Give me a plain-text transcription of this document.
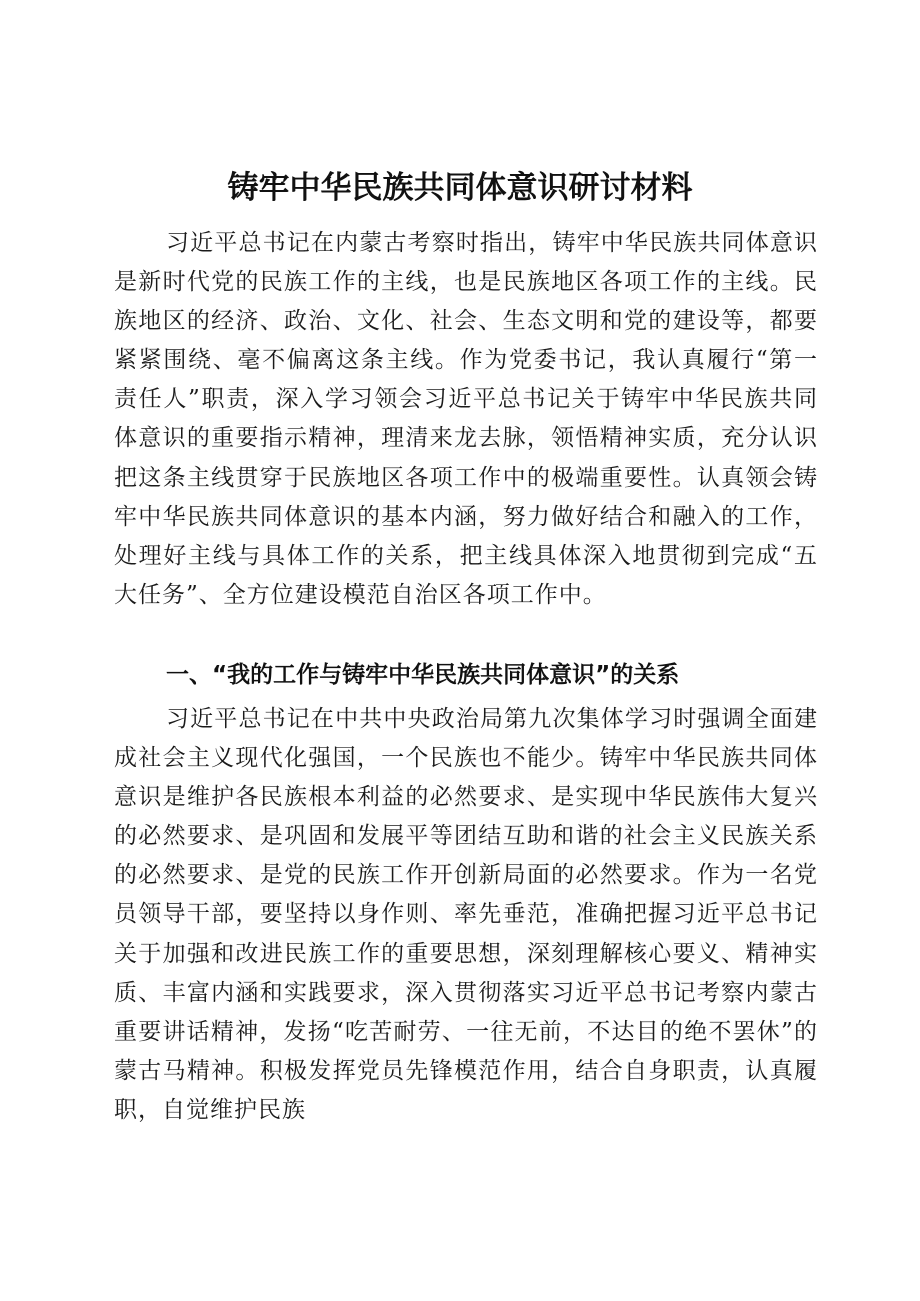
铸牢中华民族共同体意识研讨材料

习近平总书记在内蒙古考察时指出，铸牢中华民族共同体意识是新时代党的民族工作的主线，也是民族地区各项工作的主线。民族地区的经济、政治、文化、社会、生态文明和党的建设等，都要紧紧围绕、毫不偏离这条主线。作为党委书记，我认真履行“第一责任人”职责，深入学习领会习近平总书记关于铸牢中华民族共同体意识的重要指示精神，理清来龙去脉，领悟精神实质，充分认识把这条主线贯穿于民族地区各项工作中的极端重要性。认真领会铸牢中华民族共同体意识的基本内涵，努力做好结合和融入的工作，处理好主线与具体工作的关系，把主线具体深入地贯彻到完成“五大任务”、全方位建设模范自治区各项工作中。

一、“我的工作与铸牢中华民族共同体意识”的关系

习近平总书记在中共中央政治局第九次集体学习时强调全面建成社会主义现代化强国，一个民族也不能少。铸牢中华民族共同体意识是维护各民族根本利益的必然要求、是实现中华民族伟大复兴的必然要求、是巩固和发展平等团结互助和谐的社会主义民族关系的必然要求、是党的民族工作开创新局面的必然要求。作为一名党员领导干部，要坚持以身作则、率先垂范，准确把握习近平总书记关于加强和改进民族工作的重要思想，深刻理解核心要义、精神实质、丰富内涵和实践要求，深入贯彻落实习近平总书记考察内蒙古重要讲话精神，发扬“吃苦耐劳、一往无前，不达目的绝不罢休”的蒙古马精神。积极发挥党员先锋模范作用，结合自身职责，认真履职，自觉维护民族
